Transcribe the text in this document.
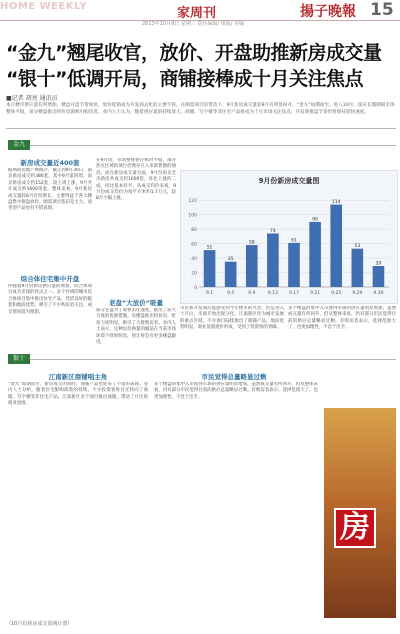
HOME WEEKLY	家周刊	揚子晚報 15
2013年10月8日 星期二 责任编辑/ 组版/ 美编
“金九”翘尾收官，放价、开盘助推新房成交量
“银十”低调开局，商铺接棒成十月关注焦点
■记者 胡亮 通讯员
本月楼市供应量有所增加，楼盘开盘节奏加快，放价促销成为开发商去化的主要手段。在刚需项目的带动下，9月新房成交量较8月有明显回升，“金九”如期而至。进入10月，国庆长假期间市场整体平稳，部分楼盘推出特价房源吸引购房者。业内人士认为，随着供应量的持续放大，商铺、写字楼等非住宅产品将成为十月市场关注焦点，开发商推盘节奏仍将保持较快速度。
金九
新房成交量近400套
据网尚房地产网统计，截止到9月30日，南京新房成交约386套，其中9月第四周，南京新房成交约152套，较上周上涨，9月共计成交约1600余套。整体来看，9月新房成交量较8月有所增长，主要得益于各大楼盘集中推盘放价。刚需项目依旧是主力，改善型产品也有不错表现。
综合体住宅集中开盘
伴随着9月份新房供应量的增加，综合体项目成为市场的亮点之一。多个区域的城市综合体项目集中推出住宅产品，凭借良好的配套和地段优势，吸引了不少购房者关注，成交情况较为理想。
在9月份，市场整体供应相对平稳，部分热点区域的项目仍然存在入市即售罄的情况。而在新房成交量方面，9月份南京全市新房共成交约1600套，环比上涨约二成，同比基本持平。从成交均价来看，9月份成交均价为每平方米约1.7万元，较8月小幅上涨。
老盘“大放价”吸量
部分老盘为了加快去化速度，推出了较大力度的优惠措施。有楼盘推出特价房，折扣力度明显，吸引了大批购房者。业内人士表示，这种以价换量的做法在当前市场环境下效果明显，预计将会有更多楼盘跟进。
9月份新房成交量图
0
20
40
60
80
100
120
51
9.1
35
9.5
58
9.9
74
9.13
61
9.17
90
9.21
114
9.25
53
9.29
29
9.30
市民和开发商均能感受到今年楼市的火热，但是进入十月后，市场开始出现分化。江南新区作为城市发展的重点区域，不少项目陆续推出了商铺产品，地段优势明显，商业氛围逐步形成，受到了投资客的青睐。
多个楼盘的集中入市使得市场的供应量明显增加，虽然成交量有所回升，但从整体来看，仍有部分市民觉得目前的供应总量略显过剩。有购房者表示，选择范围大了，也更加理性，不急于出手。
银十
江南新区商铺唱主角
“金九”如期而至，新房成交的同时，商铺产品也迎来了不错的表现。业内人士分析，随着住宅限购政策的持续，不少投资客将目光转向了商铺、写字楼等非住宅产品。江南新区多个项目推出商铺，带动了片区的商业氛围。
市民觉得总量略显过剩
多个楼盘的集中入市使得市场的供应量明显增加，虽然成交量有所回升，但从整体来看，仍有部分市民觉得目前的供应总量略显过剩。有购房者表示，选择范围大了，也更加理性，不急于出手。
房
（10月份新房成交量统计图）
